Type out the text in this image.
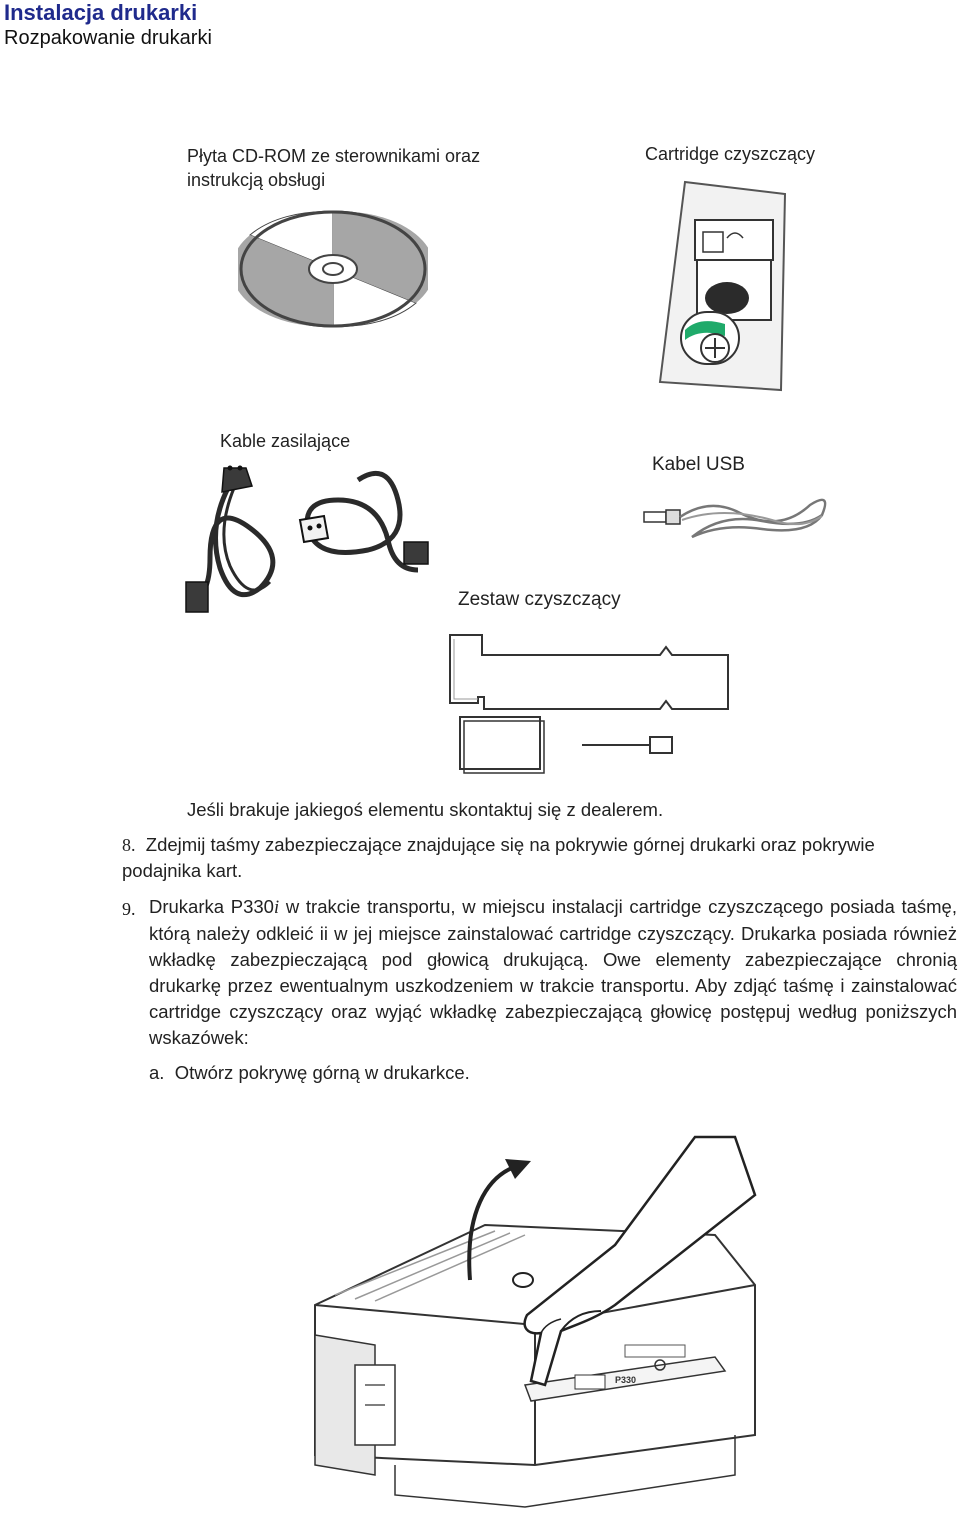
Instalacja drukarki
Rozpakowanie drukarki
Płyta CD-ROM ze sterownikami oraz
instrukcją obsługi
Cartridge czyszczący
Kable zasilające
Kabel USB
Zestaw czyszczący
Jeśli brakuje jakiegoś elementu skontaktuj się z dealerem.
8. Zdejmij taśmy zabezpieczające znajdujące się na pokrywie górnej drukarki oraz pokrywie
podajnika kart.
9. Drukarka P330i w trakcie transportu, w miejscu instalacji cartridge czyszczącego posiada taśmę, którą należy odkleić ii w jej miejsce zainstalować cartridge czyszczący. Drukarka posiada również wkładkę zabezpieczającą pod głowicą drukującą. Owe elementy zabezpieczające chronią drukarkę przez ewentualnym uszkodzeniem w trakcie transportu. Aby zdjąć taśmę i zainstalować cartridge czyszczący oraz wyjąć wkładkę zabezpieczającą głowicę postępuj według poniższych wskazówek:
a. Otwórz pokrywę górną w drukarkce.
P330
